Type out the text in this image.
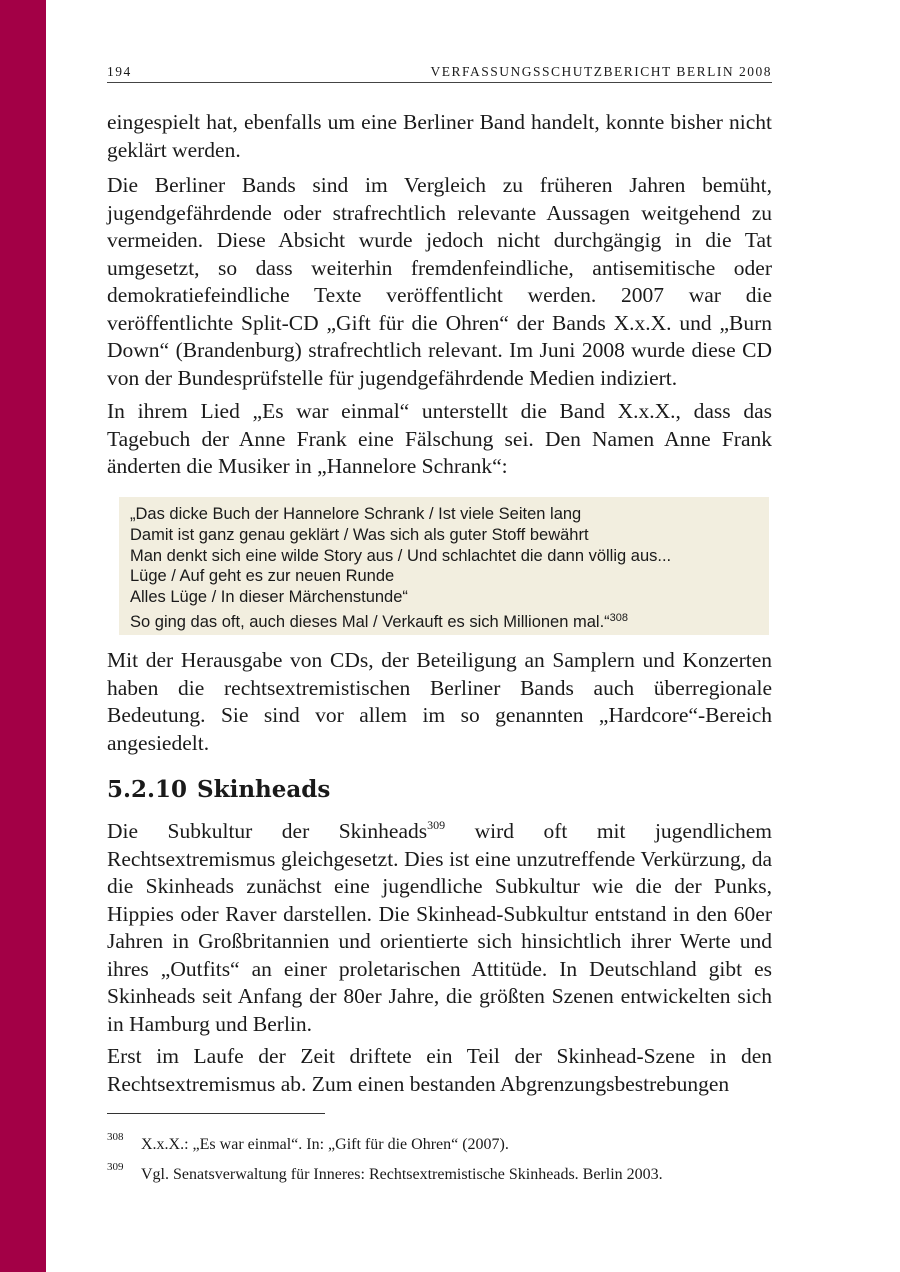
194	VERFASSUNGSSCHUTZBERICHT BERLIN 2008

eingespielt hat, ebenfalls um eine Berliner Band handelt, konnte bisher nicht geklärt werden.

Die Berliner Bands sind im Vergleich zu früheren Jahren bemüht, jugendgefährdende oder strafrechtlich relevante Aussagen weitgehend zu vermeiden. Diese Absicht wurde jedoch nicht durchgängig in die Tat umgesetzt, so dass weiterhin fremdenfeindliche, antisemitische oder demokratiefeindliche Texte veröffentlicht werden. 2007 war die veröffentlichte Split-CD „Gift für die Ohren“ der Bands X.x.X. und „Burn Down“ (Brandenburg) strafrechtlich relevant. Im Juni 2008 wurde diese CD von der Bundesprüfstelle für jugendgefährdende Medien indiziert.

In ihrem Lied „Es war einmal“ unterstellt die Band X.x.X., dass das Tagebuch der Anne Frank eine Fälschung sei. Den Namen Anne Frank änderten die Musiker in „Hannelore Schrank“:

„Das dicke Buch der Hannelore Schrank / Ist viele Seiten lang
Damit ist ganz genau geklärt / Was sich als guter Stoff bewährt
Man denkt sich eine wilde Story aus / Und schlachtet die dann völlig aus...
Lüge / Auf geht es zur neuen Runde
Alles Lüge / In dieser Märchenstunde“
So ging das oft, auch dieses Mal / Verkauft es sich Millionen mal.“$^{308}$

Mit der Herausgabe von CDs, der Beteiligung an Samplern und Konzerten haben die rechtsextremistischen Berliner Bands auch überregionale Bedeutung. Sie sind vor allem im so genannten „Hardcore“-Bereich angesiedelt.

5.2.10 Skinheads

Die Subkultur der Skinheads$^{309}$ wird oft mit jugendlichem Rechtsextremismus gleichgesetzt. Dies ist eine unzutreffende Verkürzung, da die Skinheads zunächst eine jugendliche Subkultur wie die der Punks, Hippies oder Raver darstellen. Die Skinhead-Subkultur entstand in den 60er Jahren in Großbritannien und orientierte sich hinsichtlich ihrer Werte und ihres „Outfits“ an einer proletarischen Attitüde. In Deutschland gibt es Skinheads seit Anfang der 80er Jahre, die größten Szenen entwickelten sich in Hamburg und Berlin.

Erst im Laufe der Zeit driftete ein Teil der Skinhead-Szene in den Rechtsextremismus ab. Zum einen bestanden Abgrenzungsbestrebungen

308 X.x.X.: „Es war einmal“. In: „Gift für die Ohren“ (2007).
309 Vgl. Senatsverwaltung für Inneres: Rechtsextremistische Skinheads. Berlin 2003.
